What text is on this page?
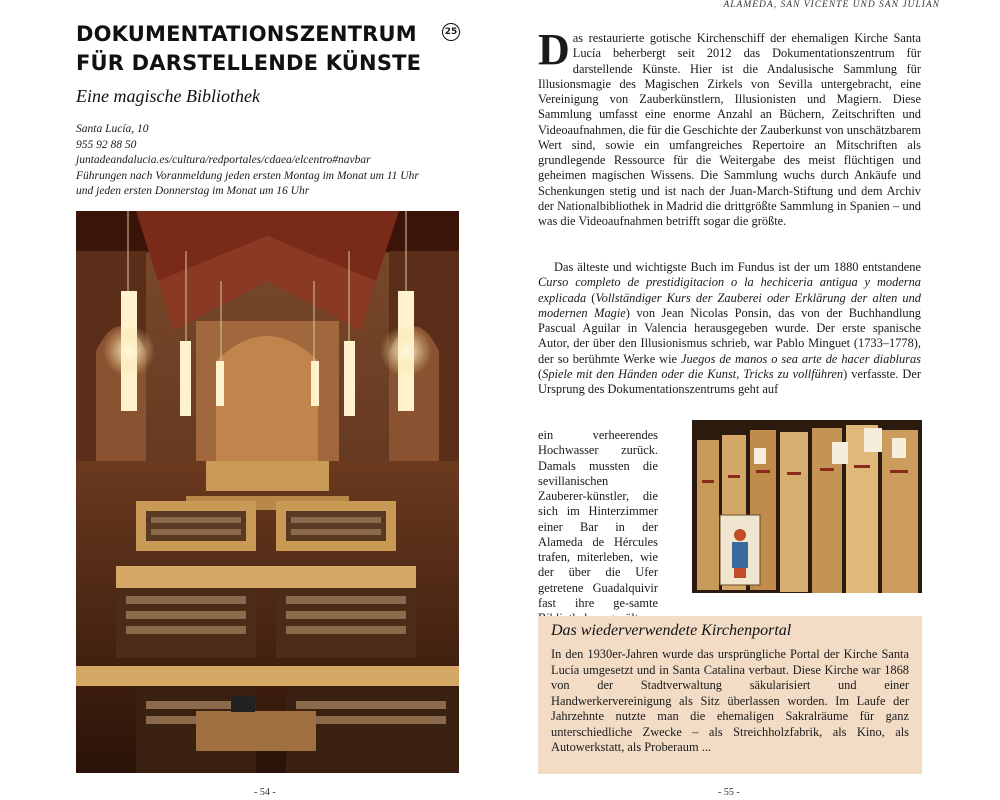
DOKUMENTATIONSZENTRUM
FÜR DARSTELLENDE KÜNSTE
25
Eine magische Bibliothek
Santa Lucía, 10
955 92 88 50
juntadeandalucia.es/cultura/redportales/cdaea/elcentro#navbar
Führungen nach Voranmeldung jeden ersten Montag im Monat um 11 Uhr
und jeden ersten Donnerstag im Monat um 16 Uhr
- 54 -
ALAMEDA, SAN VICENTE UND SAN JULIÁN
Das restaurierte gotische Kirchenschiff der ehemaligen Kirche Santa Lucía beherbergt seit 2012 das Dokumentationszentrum für darstellende Künste. Hier ist die Andalusische Sammlung für Illusionsmagie des Magischen Zirkels von Sevilla untergebracht, eine Vereinigung von Zauberkünstlern, Illusionisten und Magiern. Diese Sammlung umfasst eine enorme Anzahl an Büchern, Zeitschriften und Videoaufnahmen, die für die Geschichte der Zauberkunst von unschätzbarem Wert sind, sowie ein umfangreiches Repertoire an Mitschriften als grundlegende Ressource für die Weitergabe des meist flüchtigen und geheimen magischen Wissens. Die Sammlung wuchs durch Ankäufe und Schenkungen stetig und ist nach der Juan-March-Stiftung und dem Archiv der Nationalbibliothek in Madrid die drittgrößte Sammlung in Spanien – und was die Videoaufnahmen betrifft sogar die größte.
Das älteste und wichtigste Buch im Fundus ist der um 1880 entstandene Curso completo de prestidigitacion o la hechiceria antigua y moderna explicada (Vollständiger Kurs der Zauberei oder Erklärung der alten und modernen Magie) von Jean Nicolas Ponsin, das von der Buchhandlung Pascual Aguilar in Valencia herausgegeben wurde. Der erste spanische Autor, der über den Illusionismus schrieb, war Pablo Minguet (1733–1778), der so berühmte Werke wie Juegos de manos o sea arte de hacer diabluras (Spiele mit den Händen oder die Kunst, Tricks zu vollführen) verfasste. Der Ursprung des Dokumentationszentrums geht auf
ein verheerendes Hochwasser zurück. Damals mussten die sevillanischen Zauberer-künstler, die sich im Hinterzimmer einer Bar in der Alameda de Hércules trafen, miterleben, wie der über die Ufer getretene Guadalquivir fast ihre ge-samte
Das wiederverwendete Kirchenportal
In den 1930er-Jahren wurde das ursprüngliche Portal der Kirche Santa Lucía umgesetzt und in Santa Catalina verbaut. Diese Kirche war 1868 von der Stadtverwaltung säkularisiert und einer Handwerkervereinigung als Sitz überlassen worden. Im Laufe der Jahrzehnte nutzte man die ehemaligen Sakralräume für ganz unterschiedliche Zwecke – als Streichholzfabrik, als Kino, als Autowerkstatt, als Proberaum ...
- 55 -
